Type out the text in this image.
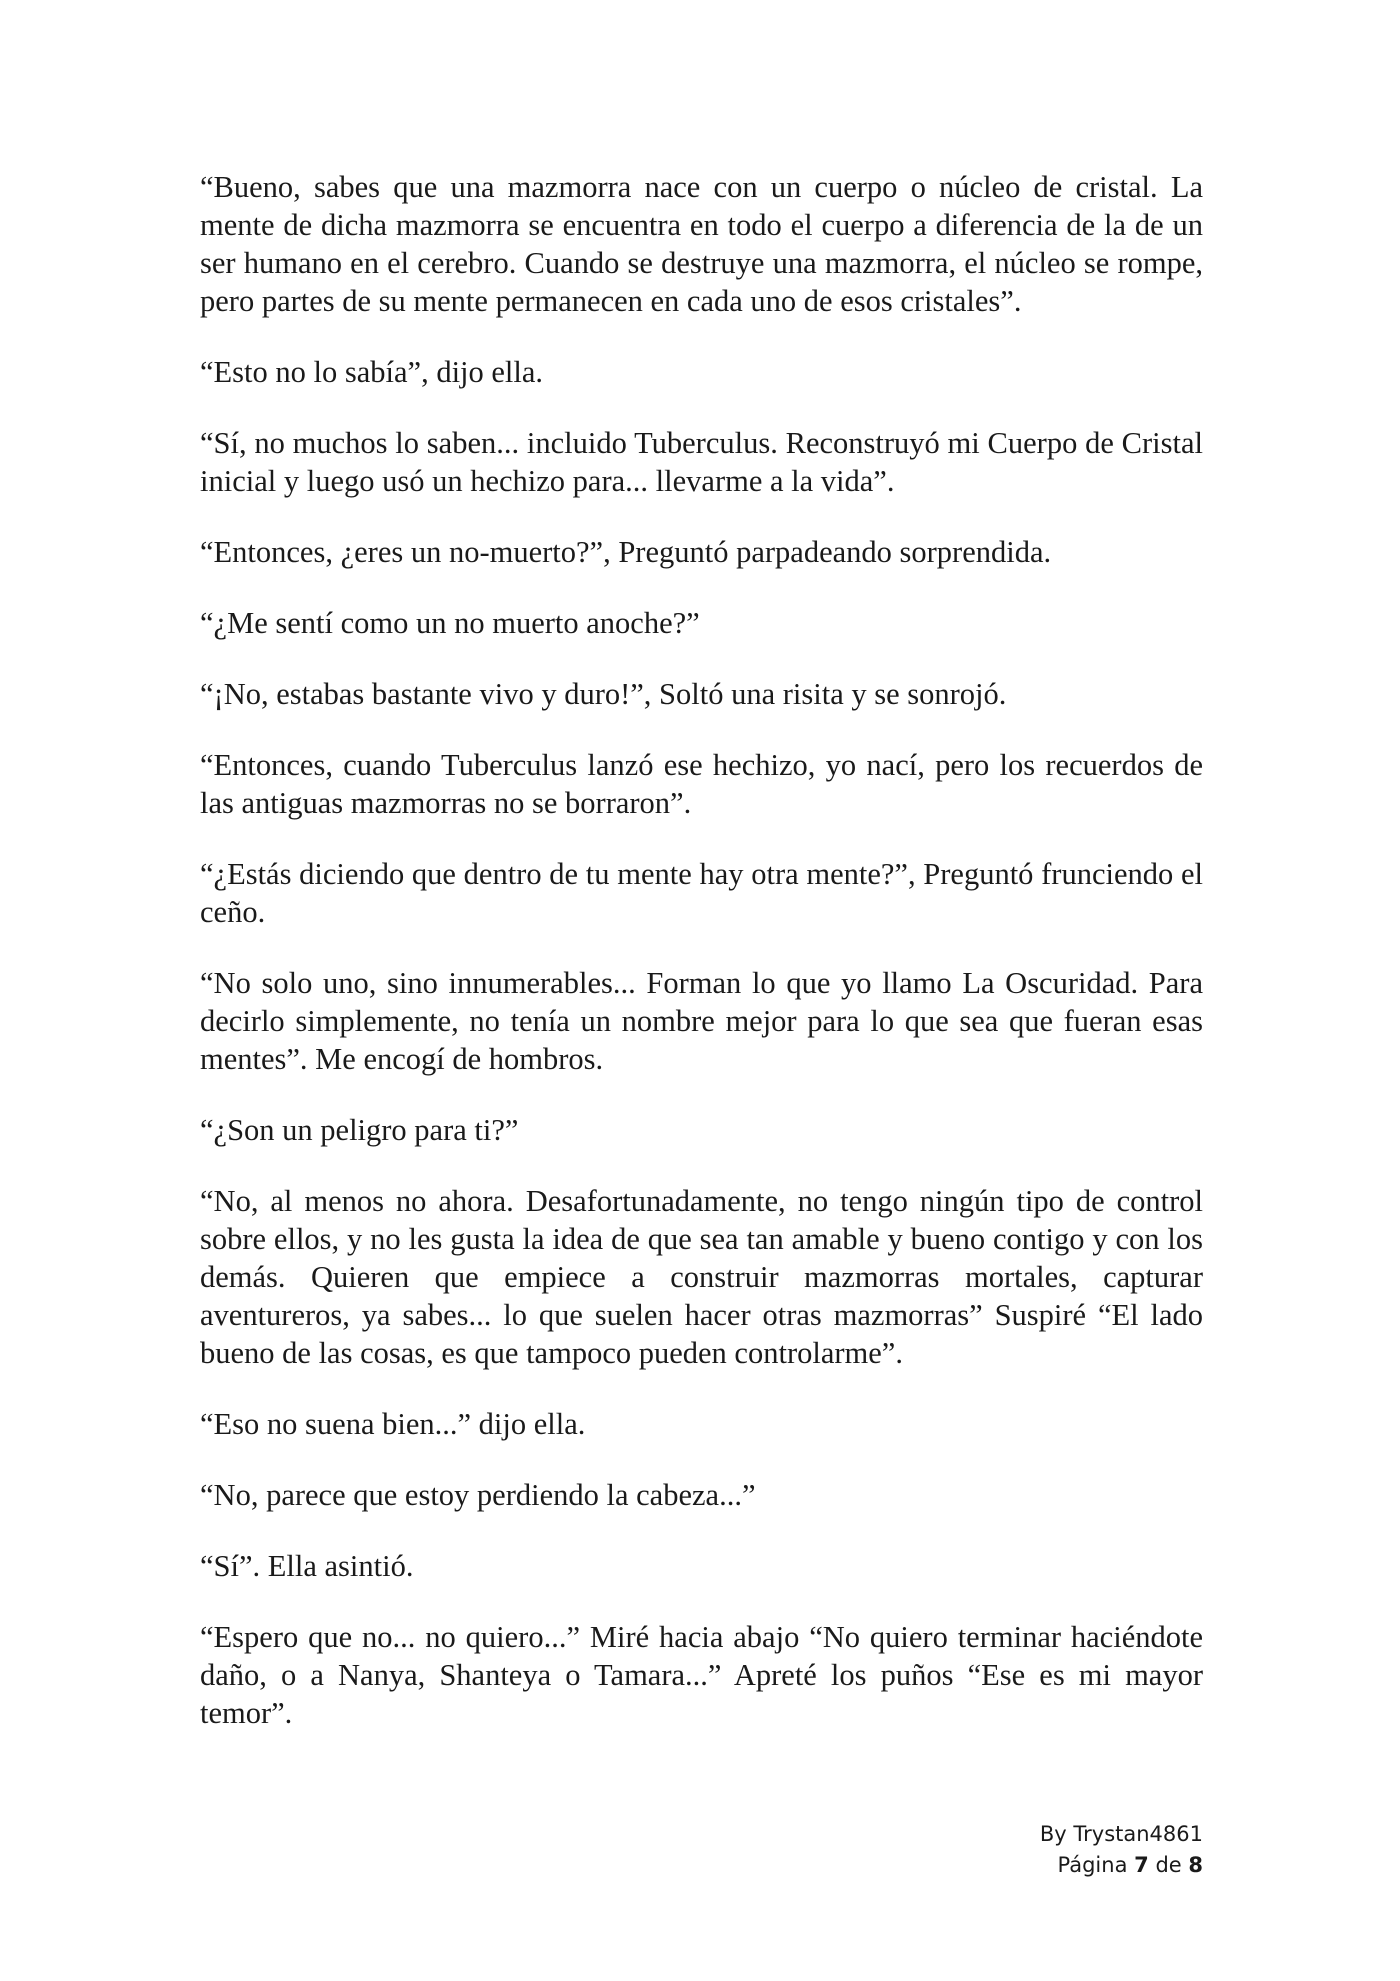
“Bueno, sabes que una mazmorra nace con un cuerpo o núcleo de cristal. La mente de dicha mazmorra se encuentra en todo el cuerpo a diferencia de la de un ser humano en el cerebro. Cuando se destruye una mazmorra, el núcleo se rompe, pero partes de su mente permanecen en cada uno de esos cristales”.

“Esto no lo sabía”, dijo ella.

“Sí, no muchos lo saben... incluido Tuberculus. Reconstruyó mi Cuerpo de Cristal inicial y luego usó un hechizo para... llevarme a la vida”.

“Entonces, ¿eres un no-muerto?”, Preguntó parpadeando sorprendida.

“¿Me sentí como un no muerto anoche?”

“¡No, estabas bastante vivo y duro!”, Soltó una risita y se sonrojó.

“Entonces, cuando Tuberculus lanzó ese hechizo, yo nací, pero los recuerdos de las antiguas mazmorras no se borraron”.

“¿Estás diciendo que dentro de tu mente hay otra mente?”, Preguntó frunciendo el ceño.

“No solo uno, sino innumerables... Forman lo que yo llamo La Oscuridad. Para decirlo simplemente, no tenía un nombre mejor para lo que sea que fueran esas mentes”. Me encogí de hombros.

“¿Son un peligro para ti?”

“No, al menos no ahora. Desafortunadamente, no tengo ningún tipo de control sobre ellos, y no les gusta la idea de que sea tan amable y bueno contigo y con los demás. Quieren que empiece a construir mazmorras mortales, capturar aventureros, ya sabes... lo que suelen hacer otras mazmorras” Suspiré “El lado bueno de las cosas, es que tampoco pueden controlarme”.

“Eso no suena bien...” dijo ella.

“No, parece que estoy perdiendo la cabeza...”

“Sí”. Ella asintió.

“Espero que no... no quiero...” Miré hacia abajo “No quiero terminar haciéndote daño, o a Nanya, Shanteya o Tamara...” Apreté los puños “Ese es mi mayor temor”.

By Trystan4861
Página 7 de 8
